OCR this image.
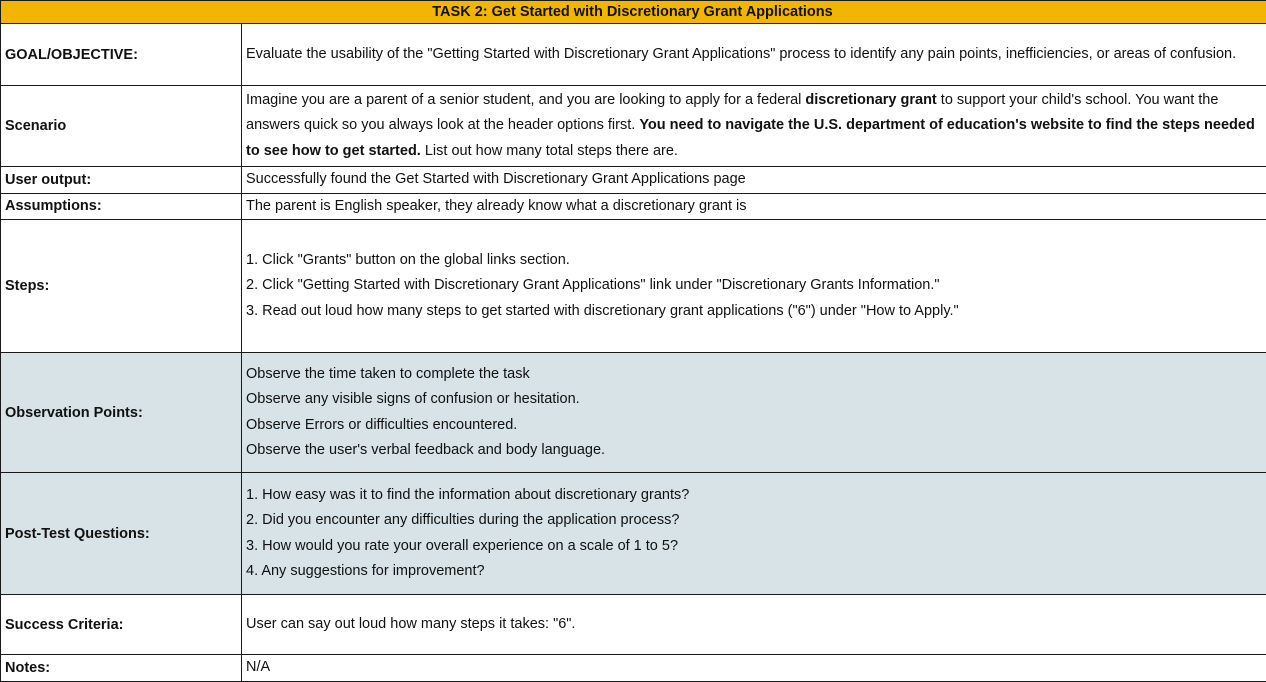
TASK 2: Get Started with Discretionary Grant Applications	
GOAL/OBJECTIVE:	Evaluate the usability of the "Getting Started with Discretionary Grant Applications" process to identify any pain points, inefficiencies, or areas of confusion.
Scenario	Imagine you are a parent of a senior student, and you are looking to apply for a federal discretionary grant to support your child's school. You want the answers quick so you always look at the header options first. You need to navigate the U.S. department of education's website to find the steps needed to see how to get started. List out how many total steps there are.
User output:	Successfully found the Get Started with Discretionary Grant Applications page
Assumptions:	The parent is English speaker, they already know what a discretionary grant is
Steps:	1. Click "Grants" button on the global links section.

2. Click "Getting Started with Discretionary Grant Applications" link under "Discretionary Grants Information."

3. Read out loud how many steps to get started with discretionary grant applications ("6") under "How to Apply."

Observation Points:	Observe the time taken to complete the task

Observe any visible signs of confusion or hesitation.

Observe Errors or difficulties encountered.

Observe the user's verbal feedback and body language.

Post-Test Questions:	1. How easy was it to find the information about discretionary grants?

2. Did you encounter any difficulties during the application process?

3. How would you rate your overall experience on a scale of 1 to 5?

4. Any suggestions for improvement?

Success Criteria:	User can say out loud how many steps it takes: "6".
Notes:	N/A
